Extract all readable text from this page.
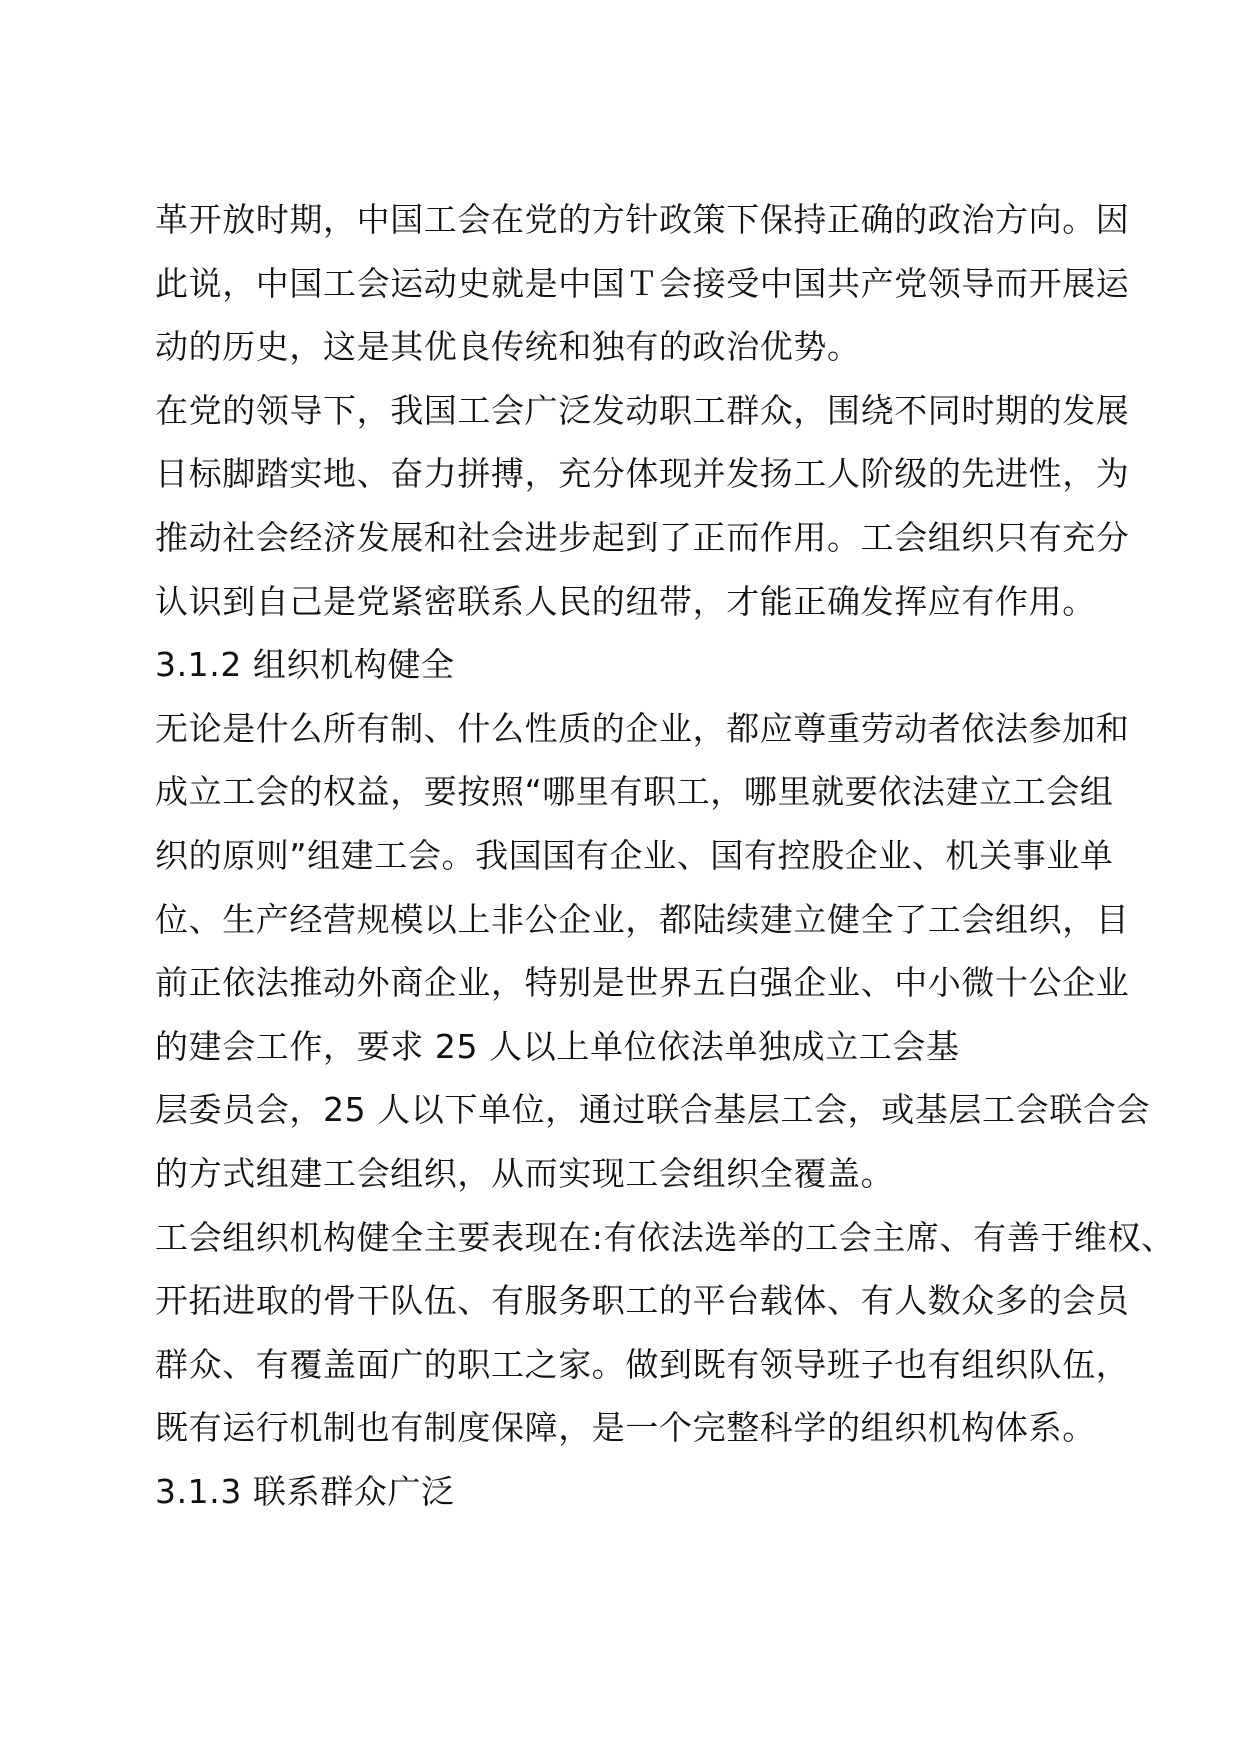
革开放时期，中国工会在党的方针政策下保持正确的政治方向。因
此说，中国工会运动史就是中国Ｔ会接受中国共产党领导而开展运
动的历史，这是其优良传统和独有的政治优势。
在党的领导下，我国工会广泛发动职工群众，围绕不同时期的发展
日标脚踏实地、奋力拼搏，充分体现并发扬工人阶级的先进性，为
推动社会经济发展和社会进步起到了正而作用。工会组织只有充分
认识到自己是党紧密联系人民的纽带，才能正确发挥应有作用。
3.1.2 组织机构健全
无论是什么所有制、什么性质的企业，都应尊重劳动者依法参加和
成立工会的权益，要按照“哪里有职工，哪里就要依法建立工会组
织的原则”组建工会。我国国有企业、国有控股企业、机关事业单
位、生产经营规模以上非公企业，都陆续建立健全了工会组织，目
前正依法推动外商企业，特别是世界五白强企业、中小微十公企业
的建会工作，要求 25 人以上单位依法单独成立工会基
层委员会，25 人以下单位，通过联合基层工会，或基层工会联合会
的方式组建工会组织，从而实现工会组织全覆盖。
工会组织机构健全主要表现在:有依法选举的工会主席、有善于维权、
开拓进取的骨干队伍、有服务职工的平台载体、有人数众多的会员
群众、有覆盖面广的职工之家。做到既有领导班子也有组织队伍，
既有运行机制也有制度保障，是一个完整科学的组织机构体系。
3.1.3 联系群众广泛
